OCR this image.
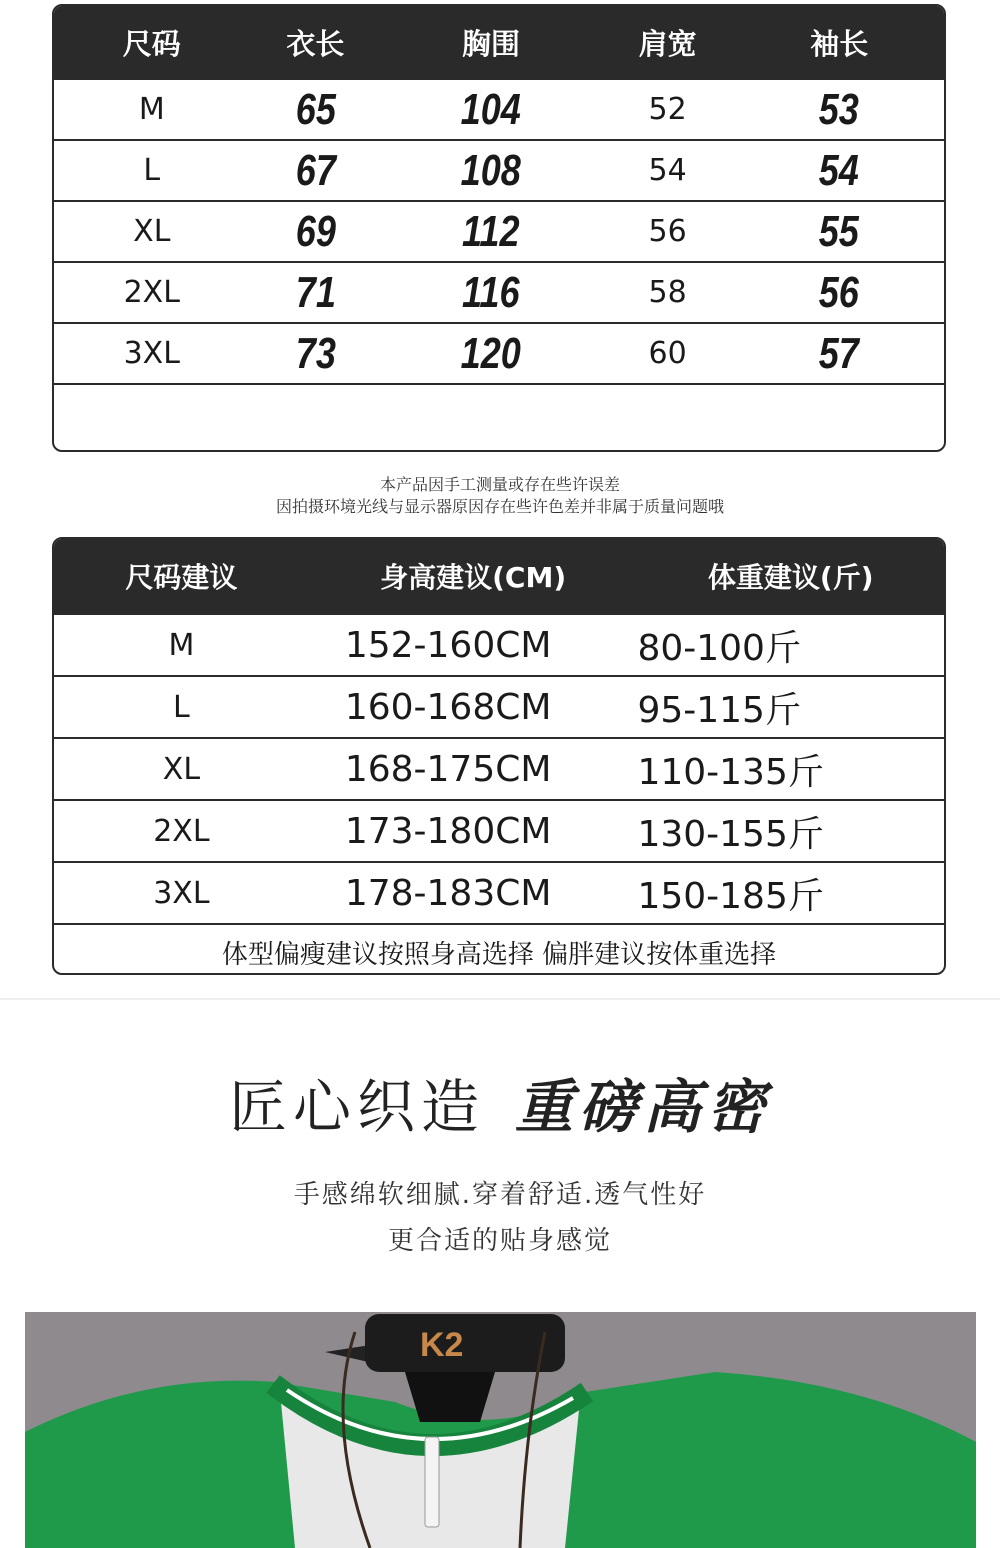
尺码	衣长	胸围	肩宽	袖长
M	65	104	52	53
L	67	108	54	54
XL	69	112	56	55
2XL	71	116	58	56
3XL	73	120	60	57
本产品因手工测量或存在些许误差
因拍摄环境光线与显示器原因存在些许色差并非属于质量问题哦
尺码建议	身高建议(CM)	体重建议(斤)
M	152-160CM	80-100斤
L	160-168CM	95-115斤
XL	168-175CM	110-135斤
2XL	173-180CM	130-155斤
3XL	178-183CM	150-185斤
体型偏瘦建议按照身高选择 偏胖建议按体重选择
匠心织造 重磅高密
手感绵软细腻.穿着舒适.透气性好
更合适的贴身感觉
K2
